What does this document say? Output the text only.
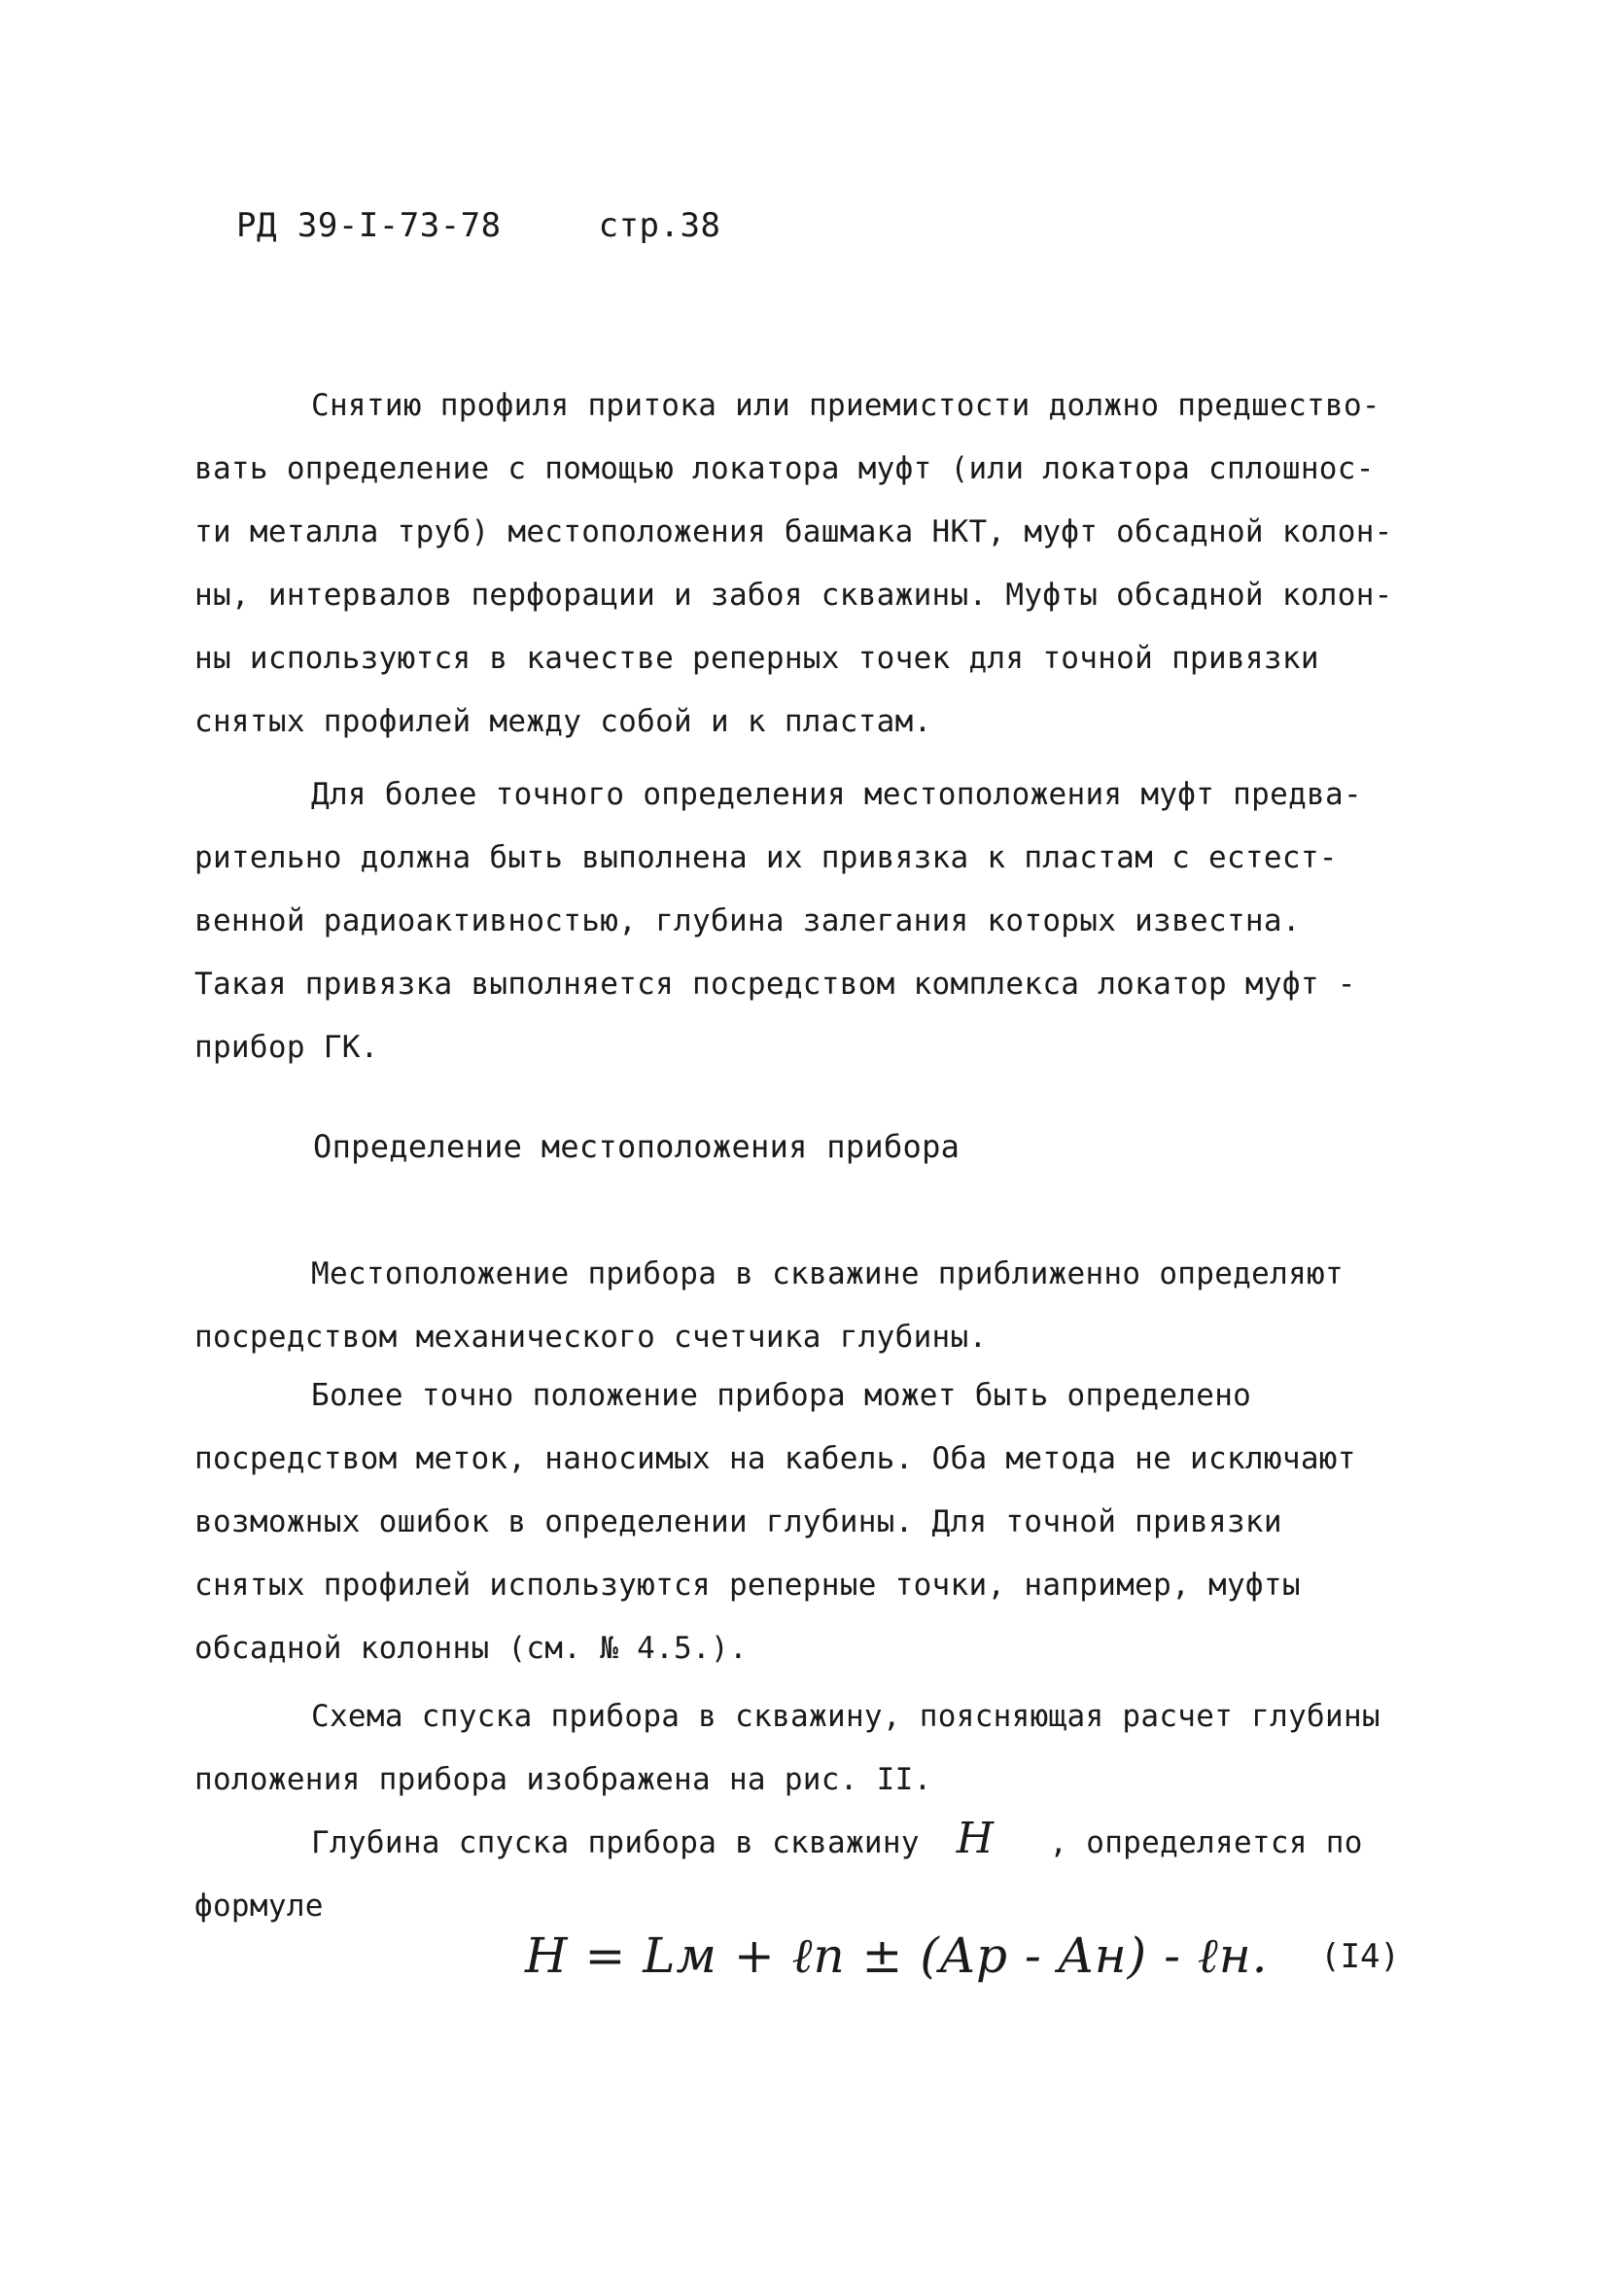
РД 39-I-73-78	стр.38
Снятию профиля притока или приемистости должно предшество-
вать определение с помощью локатора муфт (или локатора сплошнос-
ти металла труб) местоположения башмака НКТ, муфт обсадной колон-
ны, интервалов перфорации и забоя скважины. Муфты обсадной колон-
ны используются в качестве реперных точек для точной привязки
снятых профилей между собой и к пластам.
Для более точного определения местоположения муфт предва-
рительно должна быть выполнена их привязка к пластам с естест-
венной радиоактивностью, глубина залегания которых известна.
Такая привязка выполняется посредством комплекса локатор муфт -
прибор ГК.
Определение местоположения прибора
Местоположение прибора в скважине приближенно определяют
посредством механического счетчика глубины.
Более точно положение прибора может быть определено
посредством меток, наносимых на кабель. Оба метода не исключают
возможных ошибок в определении глубины. Для точной привязки
снятых профилей используются реперные точки, например, муфты
обсадной колонны (см. № 4.5.).
Схема спуска прибора в скважину, поясняющая расчет глубины
положения прибора изображена на рис. II.
Глубина спуска прибора в скважину H , определяется по
формуле
H = Lм + ℓп ± (Ap - Aн) - ℓн. (I4)
